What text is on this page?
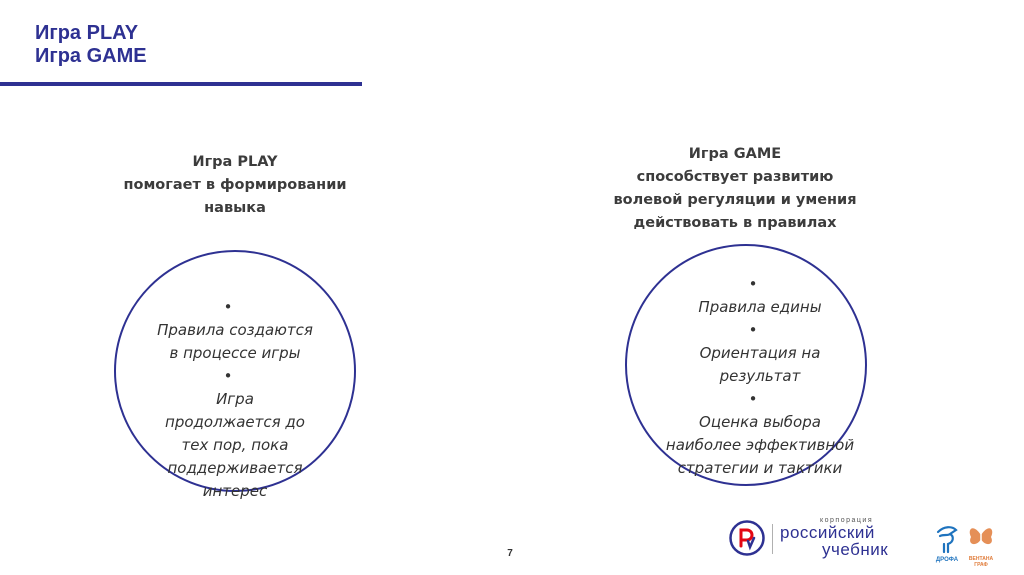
Игра PLAY
Игра GAME
Игра PLAY
помогает в формировании
навыка
Игра GAME
способствует развитию
волевой регуляции и умения
действовать в правилах
•
Правила создаются
в процессе игры
•
Игра
продолжается до
тех пор, пока
поддерживается
интерес
•
Правила едины
•
Ориентация на
результат
•
Оценка выбора
наиболее эффективной
стратегии и тактики
7
корпорация
российский
учебник
ДРОФА	ВЕНТАНА
ГРАФ
